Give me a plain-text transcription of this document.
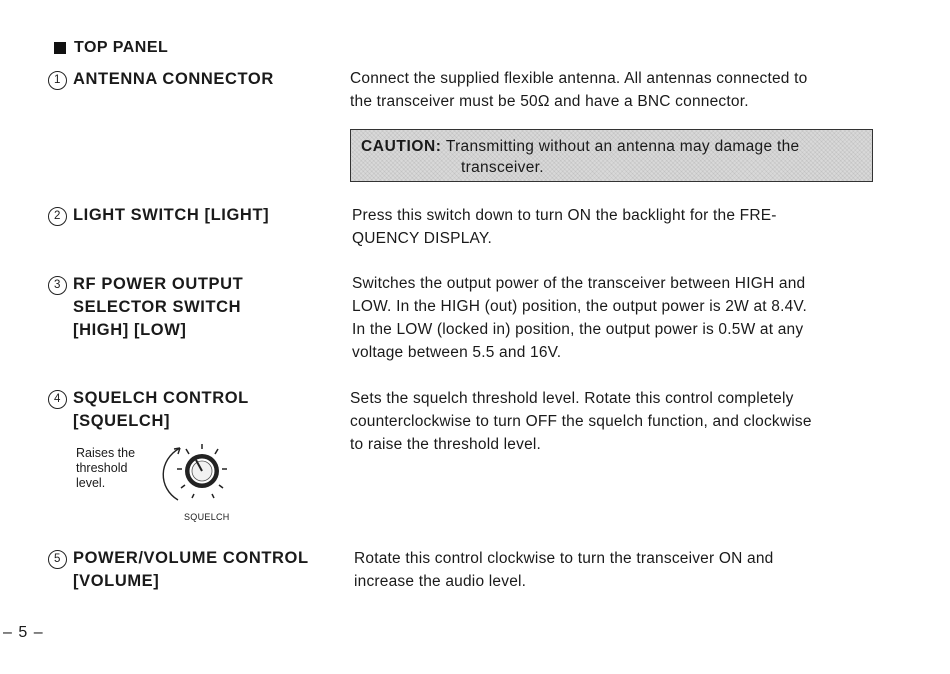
TOP PANEL
1 ANTENNA CONNECTOR	Connect the supplied flexible antenna. All antennas connected to
the transceiver must be 50Ω and have a BNC connector.
CAUTION: Transmitting without an antenna may damage the
transceiver.
2 LIGHT SWITCH [LIGHT]	Press this switch down to turn ON the backlight for the FRE-
QUENCY DISPLAY.
3 RF POWER OUTPUT
SELECTOR SWITCH
[HIGH] [LOW]
Switches the output power of the transceiver between HIGH and
LOW. In the HIGH (out) position, the output power is 2W at 8.4V.
In the LOW (locked in) position, the output power is 0.5W at any
voltage between 5.5 and 16V.
4 SQUELCH CONTROL
[SQUELCH]
Sets the squelch threshold level. Rotate this control completely
counterclockwise to turn OFF the squelch function, and clockwise
to raise the threshold level.
Raises the
threshold
level.
SQUELCH
5 POWER/VOLUME CONTROL
[VOLUME]
Rotate this control clockwise to turn the transceiver ON and
increase the audio level.
– 5 –
